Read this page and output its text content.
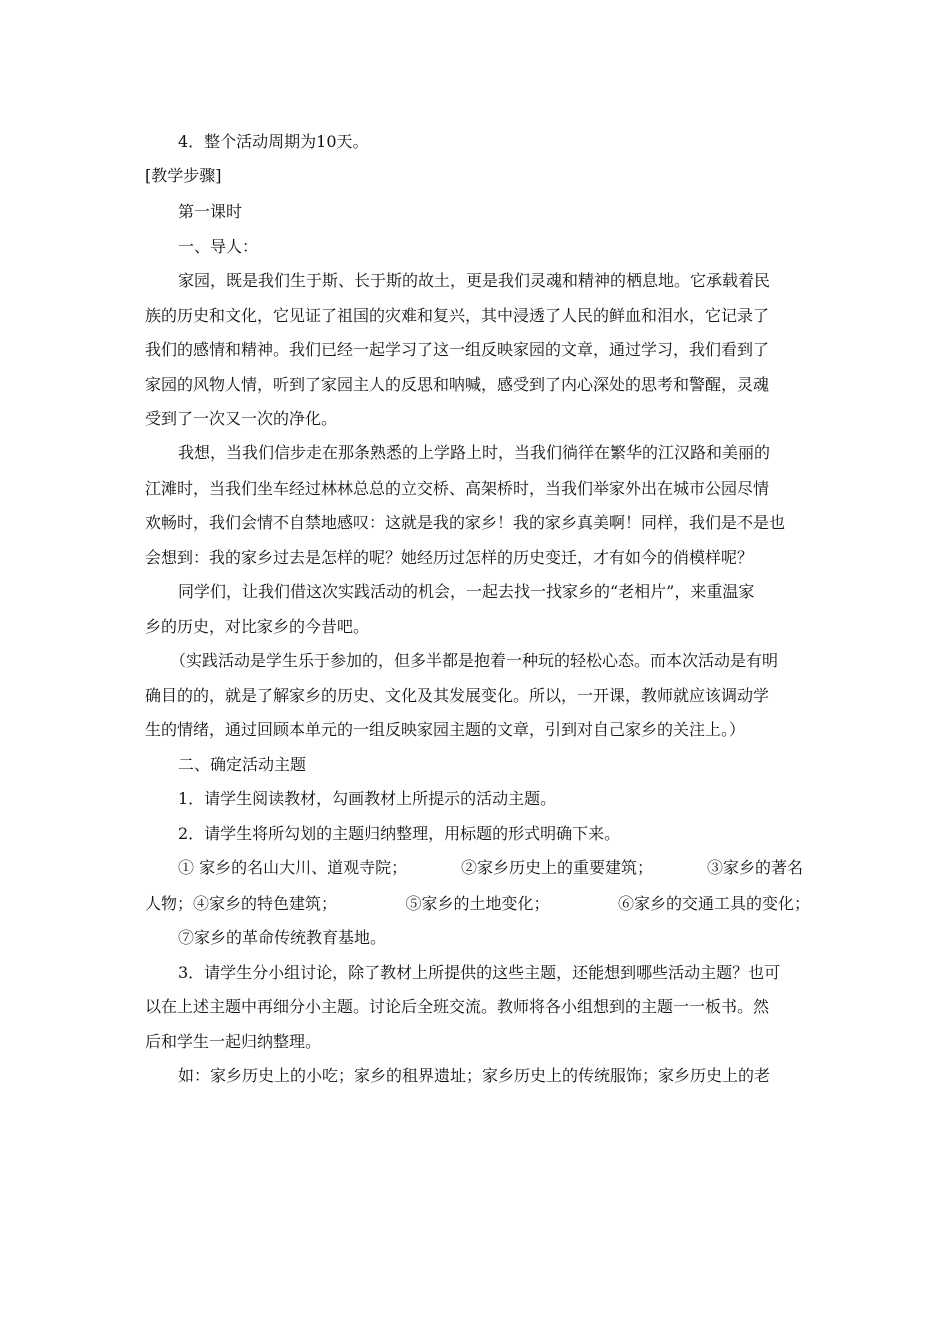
4．整个活动周期为10天。
[教学步骤]
第一课时
一、导人：
家园，既是我们生于斯、长于斯的故土，更是我们灵魂和精神的栖息地。它承载着民
族的历史和文化，它见证了祖国的灾难和复兴，其中浸透了人民的鲜血和泪水，它记录了
我们的感情和精神。我们已经一起学习了这一组反映家园的文章，通过学习，我们看到了
家园的风物人情，听到了家园主人的反思和呐喊，感受到了内心深处的思考和警醒，灵魂
受到了一次又一次的净化。
我想，当我们信步走在那条熟悉的上学路上时，当我们徜徉在繁华的江汉路和美丽的
江滩时，当我们坐车经过林林总总的立交桥、高架桥时，当我们举家外出在城市公园尽情
欢畅时，我们会情不自禁地感叹：这就是我的家乡！我的家乡真美啊！同样，我们是不是也
会想到：我的家乡过去是怎样的呢？她经历过怎样的历史变迁，才有如今的俏模样呢？
同学们，让我们借这次实践活动的机会，一起去找一找家乡的“老相片”，来重温家
乡的历史，对比家乡的今昔吧。
（实践活动是学生乐于参加的，但多半都是抱着一种玩的轻松心态。而本次活动是有明
确目的的，就是了解家乡的历史、文化及其发展变化。所以，一开课，教师就应该调动学
生的情绪，通过回顾本单元的一组反映家园主题的文章，引到对自己家乡的关注上。）
二、确定活动主题
1．请学生阅读教材，勾画教材上所提示的活动主题。
2．请学生将所勾划的主题归纳整理，用标题的形式明确下来。
① 家乡的名山大川、道观寺院；	②家乡历史上的重要建筑；	③家乡的著名
人物；④家乡的特色建筑；	⑤家乡的土地变化；	⑥家乡的交通工具的变化；
⑦家乡的革命传统教育基地。
3．请学生分小组讨论，除了教材上所提供的这些主题，还能想到哪些活动主题？也可
以在上述主题中再细分小主题。讨论后全班交流。教师将各小组想到的主题一一板书。然
后和学生一起归纳整理。
如：家乡历史上的小吃；家乡的租界遗址；家乡历史上的传统服饰；家乡历史上的老
